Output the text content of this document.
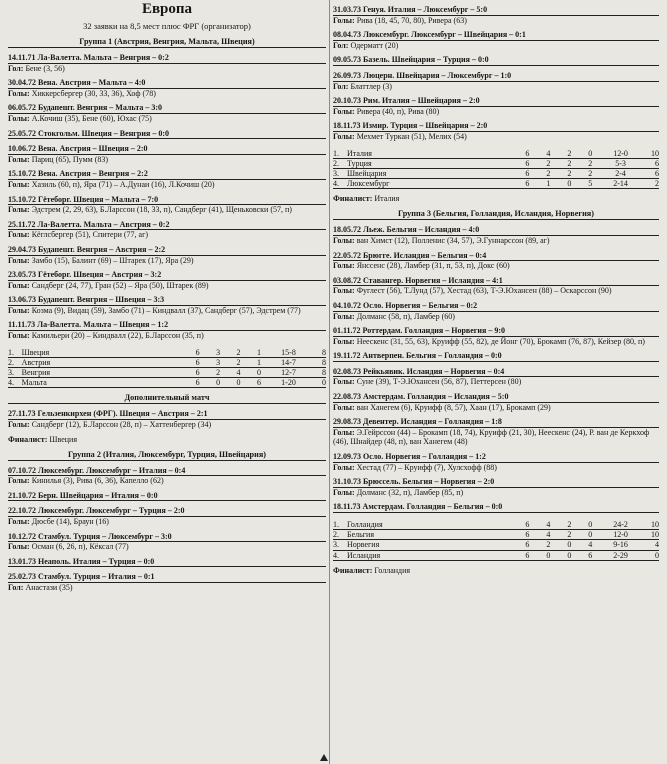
Европа
32 заявки на 8,5 мест плюс ФРГ (организатор)
Группа 1 (Австрия, Венгрия, Мальта, Швеция)
14.11.71 Ла-Валетта. Мальта – Венгрия – 0:2
Гол: Бене (3, 56)
30.04.72 Вена. Австрия – Мальта – 4:0
Голы: Хиккерсбергер (30, 33, 36), Хоф (78)
06.05.72 Будапешт. Венгрия – Мальта – 3:0
Голы: А.Кочиш (35), Бене (60), Юхас (75)
25.05.72 Стокгольм. Швеция – Венгрия – 0:0
10.06.72 Вена. Австрия – Швеция – 2:0
Голы: Париц (65), Пумм (83)
15.10.72 Вена. Австрия – Венгрия – 2:2
Голы: Хазиль (60, п), Яра (71) – А.Дунаи (16), Л.Кочиш (20)
15.10.72 Гётеборг. Швеция – Мальта – 7:0
Голы: Эдстрем (2, 29, 63), Б.Ларссон (18, 33, п), Сандберг (41), Щеньковски (57, п)
25.11.72 Ла-Валетта. Мальта – Австрия – 0:2
Голы: Кёглсбергер (51), Спитери (77, аг)
29.04.73 Будапешт. Венгрия – Австрия – 2:2
Голы: Замбо (15), Балинт (69) – Штарек (17), Яра (29)
23.05.73 Гётеборг. Швеция – Австрия – 3:2
Голы: Сандберг (24, 77), Гран (52) – Яра (50), Штарек (89)
13.06.73 Будапешт. Венгрия – Швеция – 3:3
Голы: Козма (9), Видац (59), Замбо (71) – Киндвалл (37), Сандберг (57), Эдстрем (77)
11.11.73 Ла-Валетта. Мальта – Швеция – 1:2
Голы: Камильери (20) – Киндвалл (22), Б.Ларссон (35, п)
1.	Швеция	6	3	2	1	15-8	8
2.	Австрия	6	3	2	1	14-7	8
3.	Венгрия	6	2	4	0	12-7	8
4.	Мальта	6	0	0	6	1-20	0
Дополнительный матч
27.11.73 Гельзенкирхен (ФРГ). Швеция – Австрия – 2:1
Голы: Сандберг (12), Б.Ларссон (28, п) – Хаттенбергер (34)
Финалист: Швеция
Группа 2 (Италия, Люксембург, Турция, Швейцария)
07.10.72 Люксембург. Люксембург – Италия – 0:4
Голы: Кинилья (3), Рива (6, 36), Капелло (62)
21.10.72 Берн. Швейцария – Италия – 0:0
22.10.72 Люксембург. Люксембург – Турция – 2:0
Голы: Дюсбе (14), Браун (16)
10.12.72 Стамбул. Турция – Люксембург – 3:0
Голы: Осман (6, 26, п), Кёксал (77)
13.01.73 Неаполь. Италия – Турция – 0:0
25.02.73 Стамбул. Турция – Италия – 0:1
Гол: Анастази (35)
31.03.73 Генуя. Италия – Люксембург – 5:0
Голы: Рива (18, 45, 70, 80), Ривера (63)
08.04.73 Люксембург. Люксембург – Швейцария – 0:1
Гол: Одерматт (20)
09.05.73 Базель. Швейцария – Турция – 0:0
26.09.73 Люцерн. Швейцария – Люксембург – 1:0
Гол: Блаттлер (3)
20.10.73 Рим. Италия – Швейцария – 2:0
Голы: Ривера (40, п), Рива (80)
18.11.73 Измир. Турция – Швейцария – 2:0
Голы: Мехмет Туркан (51), Мелих (54)
1.	Италия	6	4	2	0	12-0	10
2.	Турция	6	2	2	2	5-3	6
3.	Швейцария	6	2	2	2	2-4	6
4.	Люксембург	6	1	0	5	2-14	2
Финалист: Италия
Группа 3 (Бельгия, Голландия, Исландия, Норвегия)
18.05.72 Льеж. Бельгия – Исландия – 4:0
Голы: ван Химст (12), Полленис (34, 57), Э.Гуннарссон (89, аг)
22.05.72 Брюгге. Исландия – Бельгия – 0:4
Голы: Янссенс (28), Ламбер (31, п, 53, п), Докс (60)
03.08.72 Ставангер. Норвегия – Исландия – 4:1
Голы: Фуглест (56), Т.Лунд (57), Хестад (63), Т-Э.Юхансен (88) – Оскарссон (90)
04.10.72 Осло. Норвегия – Бельгия – 0:2
Голы: Долманс (58, п), Ламбер (60)
01.11.72 Роттердам. Голландия – Норвегия – 9:0
Голы: Неескенс (31, 55, 63), Круифф (55, 82), де Йонг (70), Брокамп (76, 87), Кейзер (80, п)
19.11.72 Антверпен. Бельгия – Голландия – 0:0
02.08.73 Рейкьявик. Исландия – Норвегия – 0:4
Голы: Суне (39), Т-Э.Юхансен (56, 87), Петтерсен (80)
22.08.73 Амстердам. Голландия – Исландия – 5:0
Голы: ван Ханегем (6), Круифф (8, 57), Хаан (17), Брокамп (29)
29.08.73 Девентер. Исландия – Голландия – 1:8
Голы: Э.Гейрссон (44) – Брокамп (18, 74), Круифф (21, 30), Неескенс (24), Р. ван де Керкхоф (46), Шнайдер (48, п), ван Ханегем (48)
12.09.73 Осло. Норвегия – Голландия – 1:2
Голы: Хестад (77) – Круифф (7), Хулсхофф (88)
31.10.73 Брюссель. Бельгия – Норвегия – 2:0
Голы: Долманс (32, п), Ламбер (85, п)
18.11.73 Амстердам. Голландия – Бельгия – 0:0
1.	Голландия	6	4	2	0	24-2	10
2.	Бельгия	6	4	2	0	12-0	10
3.	Норвегия	6	2	0	4	9-16	4
4.	Исландия	6	0	0	6	2-29	0
Финалист: Голландия
